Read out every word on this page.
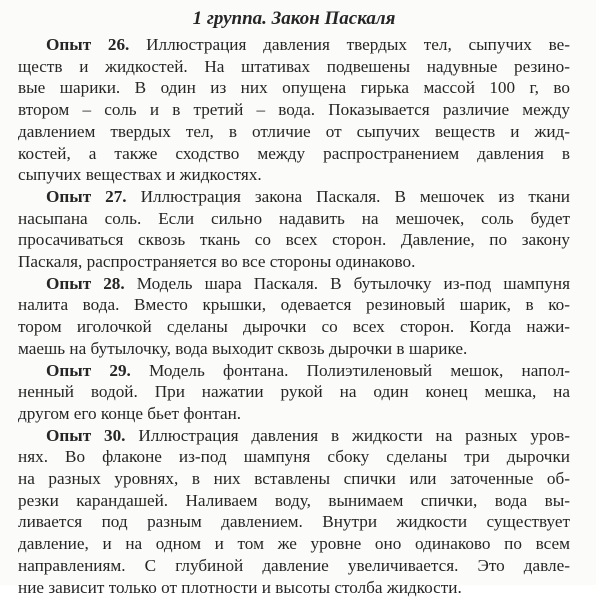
1 группа. Закон Паскаля

Опыт 26. Иллюстрация давления твердых тел, сыпучих ве-
ществ и жидкостей. На штативах подвешены надувные резино-
вые шарики. В один из них опущена гирька массой 100 г, во
втором – соль и в третий – вода. Показывается различие между
давлением твердых тел, в отличие от сыпучих веществ и жид-
костей, а также сходство между распространением давления в
сыпучих веществах и жидкостях.

Опыт 27. Иллюстрация закона Паскаля. В мешочек из ткани
насыпана соль. Если сильно надавить на мешочек, соль будет
просачиваться сквозь ткань со всех сторон. Давление, по закону
Паскаля, распространяется во все стороны одинаково.

Опыт 28. Модель шара Паскаля. В бутылочку из-под шампуня
налита вода. Вместо крышки, одевается резиновый шарик, в ко-
тором иголочкой сделаны дырочки со всех сторон. Когда нажи-
маешь на бутылочку, вода выходит сквозь дырочки в шарике.

Опыт 29. Модель фонтана. Полиэтиленовый мешок, напол-
ненный водой. При нажатии рукой на один конец мешка, на
другом его конце бьет фонтан.

Опыт 30. Иллюстрация давления в жидкости на разных уров-
нях. Во флаконе из-под шампуня сбоку сделаны три дырочки
на разных уровнях, в них вставлены спички или заточенные об-
резки карандашей. Наливаем воду, вынимаем спички, вода вы-
ливается под разным давлением. Внутри жидкости существует
давление, и на одном и том же уровне оно одинаково по всем
направлениям. С глубиной давление увеличивается. Это давле-
ние зависит только от плотности и высоты столба жидкости.
